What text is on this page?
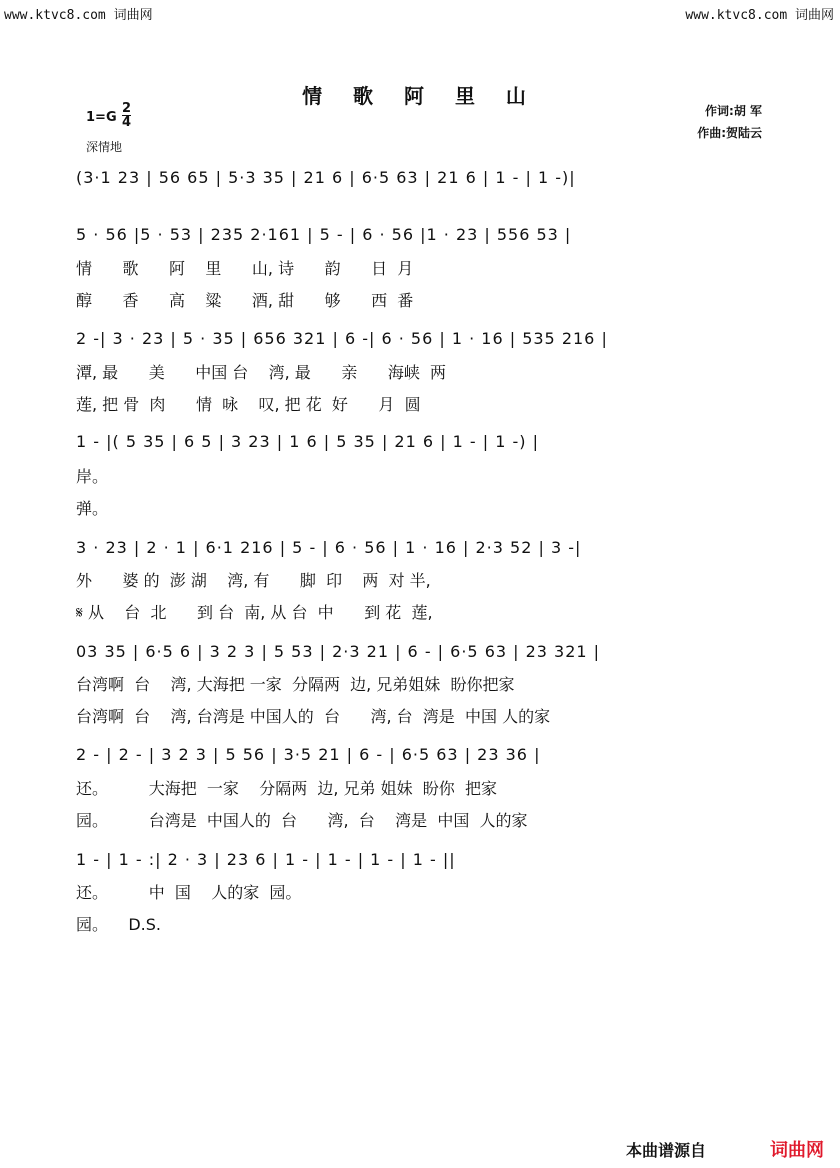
www.ktvc8.com 词曲网	www.ktvc8.com 词曲网
情 歌 阿 里 山
$1=G \frac{2}{4}$
深情地
作词:胡 军
作曲:贺陆云
(3·1 23 | 56 65 | 5·3 35 | 21 6 | 6·5 63 | 21 6 | 1 - | 1 -)|
5 · 56 |5 · 53 | 235 2·161 | 5 - | 6 · 56 |1 · 23 | 556 53 |
情      歌      阿    里      山, 诗      韵      日  月
醇      香      高    粱      酒, 甜      够      西  番
2 -| 3 · 23 | 5 · 35 | 656 321 | 6 -| 6 · 56 | 1 · 16 | 535 216 |
潭, 最      美      中国 台    湾, 最      亲      海峡  两
莲, 把 骨  肉      情  咏    叹, 把 花  好      月  圆
1 - |( 5 35 | 6 5 | 3 23 | 1 6 | 5 35 | 21 6 | 1 - | 1 -) |
岸。
弹。
3 · 23 | 2 · 1 | 6·1 216 | 5 - | 6 · 56 | 1 · 16 | 2·3 52 | 3 -|
外      婆 的  澎 湖    湾, 有      脚  印    两  对 半,
𝄋 从    台  北      到 台  南, 从 台  中      到 花  莲,
03 35 | 6·5 6 | 3 2 3 | 5 53 | 2·3 21 | 6 - | 6·5 63 | 23 321 |
台湾啊  台    湾, 大海把 一家  分隔两  边, 兄弟姐妹  盼你把家
台湾啊  台    湾, 台湾是 中国人的  台      湾, 台  湾是  中国 人的家
2 - | 2 - | 3 2 3 | 5 56 | 3·5 21 | 6 - | 6·5 63 | 23 36 |
还。        大海把  一家    分隔两  边, 兄弟 姐妹  盼你  把家
园。        台湾是  中国人的  台      湾,  台    湾是  中国  人的家
1 - | 1 - :| 2 · 3 | 23 6 | 1 - | 1 - | 1 - | 1 - ||
还。        中  国    人的家  园。
园。    D.S.
本曲谱源自	词曲网
